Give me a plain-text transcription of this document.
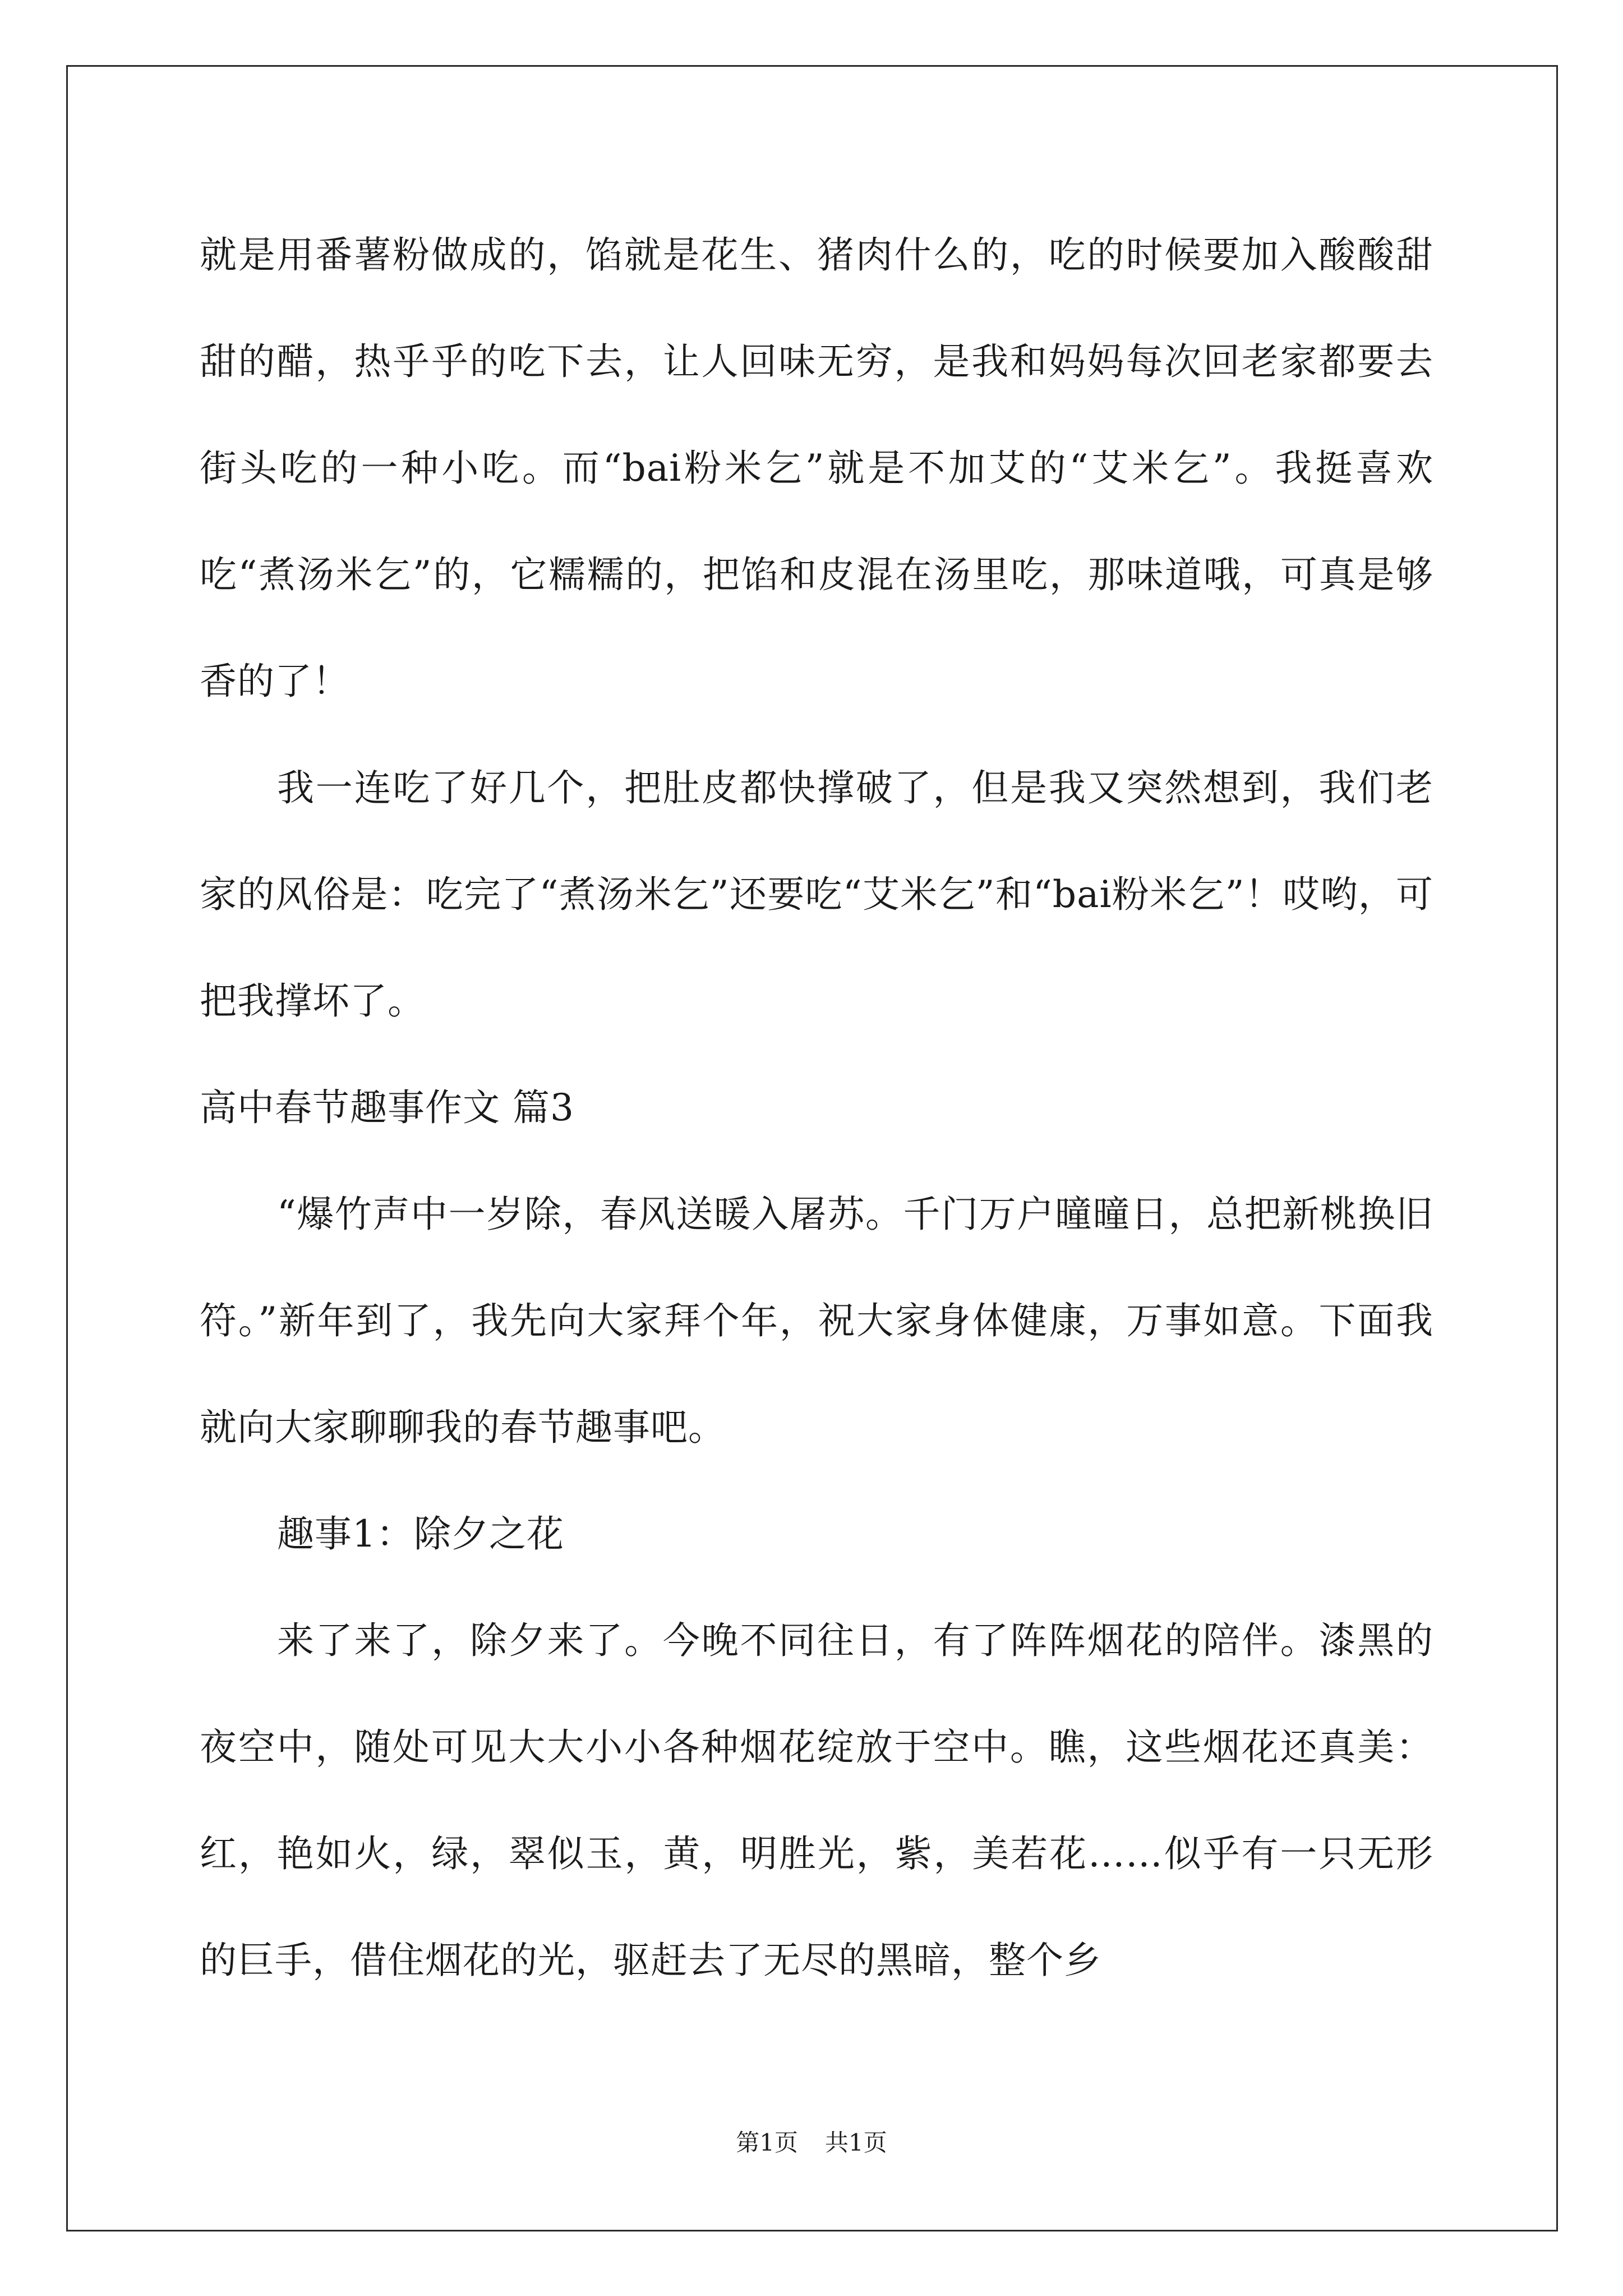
就是用番薯粉做成的，馅就是花生、猪肉什么的，吃的时候要加入酸酸甜甜的醋，热乎乎的吃下去，让人回味无穷，是我和妈妈每次回老家都要去街头吃的一种小吃。而“bai粉米乞”就是不加艾的“艾米乞”。我挺喜欢吃“煮汤米乞”的，它糯糯的，把馅和皮混在汤里吃，那味道哦，可真是够香的了！

我一连吃了好几个，把肚皮都快撑破了，但是我又突然想到，我们老家的风俗是：吃完了“煮汤米乞”还要吃“艾米乞”和“bai粉米乞”！哎哟，可把我撑坏了。

高中春节趣事作文 篇3

“爆竹声中一岁除，春风送暖入屠苏。千门万户曈曈日，总把新桃换旧符。”新年到了，我先向大家拜个年，祝大家身体健康，万事如意。下面我就向大家聊聊我的春节趣事吧。

趣事1：除夕之花

来了来了，除夕来了。今晚不同往日，有了阵阵烟花的陪伴。漆黑的夜空中，随处可见大大小小各种烟花绽放于空中。瞧，这些烟花还真美：红，艳如火，绿，翠似玉，黄，明胜光，紫，美若花……似乎有一只无形的巨手，借住烟花的光，驱赶去了无尽的黑暗，整个乡

第1页 共1页
